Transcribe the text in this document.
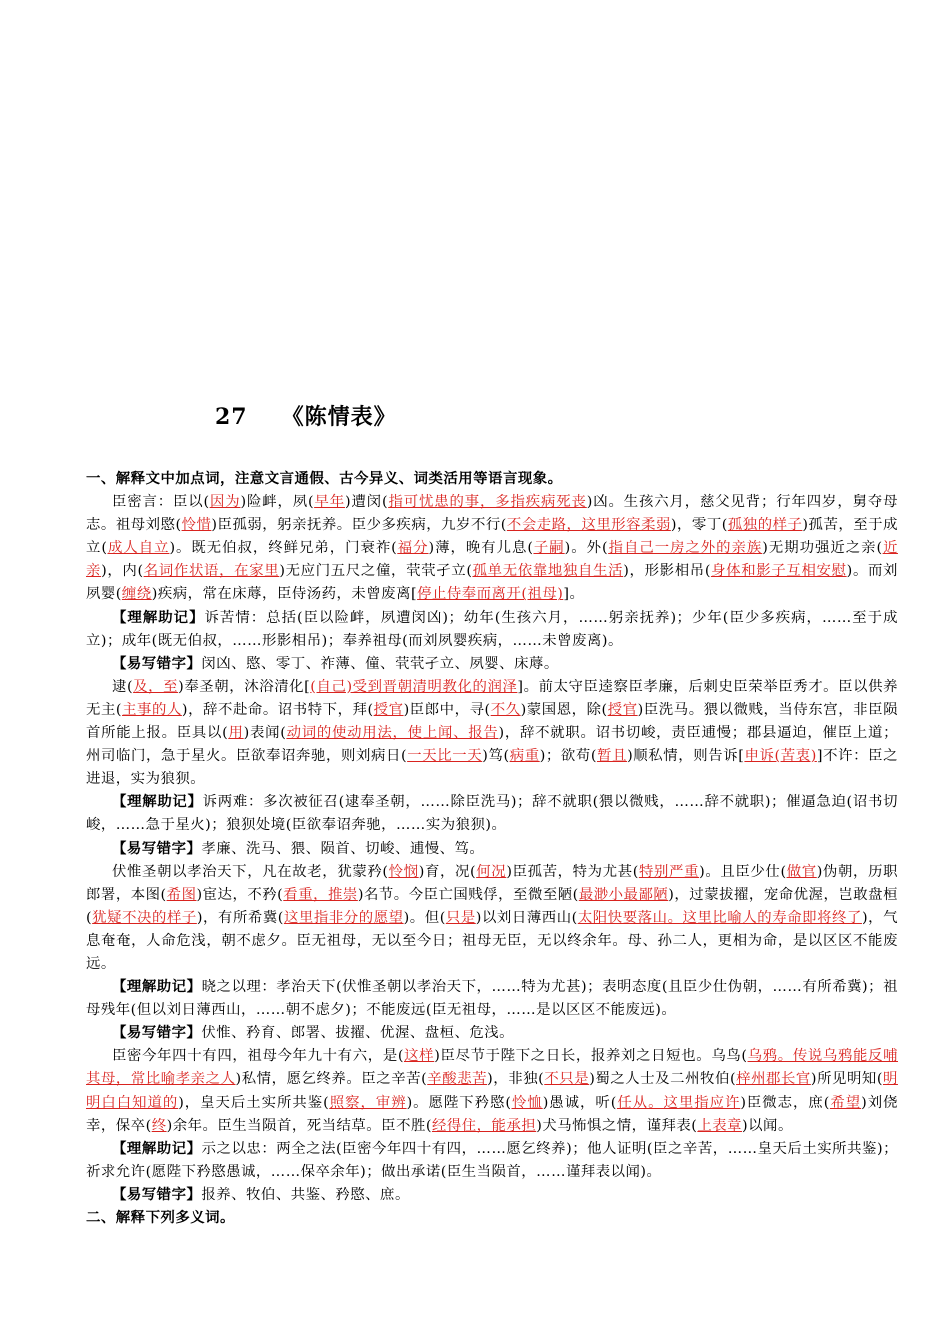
27 《陈情表》

一、解释文中加点词，注意文言通假、古今异义、词类活用等语言现象。

臣密言：臣以(因为)险衅，夙(早年)遭闵(指可忧患的事，多指疾病死丧)凶。生孩六月，慈父见背；行年四岁，舅夺母志。祖母刘愍(怜惜)臣孤弱，躬亲抚养。臣少多疾病，九岁不行(不会走路，这里形容柔弱)，零丁(孤独的样子)孤苦，至于成立(成人自立)。既无伯叔，终鲜兄弟，门衰祚(福分)薄，晚有儿息(子嗣)。外(指自己一房之外的亲族)无期功强近之亲(近亲)，内(名词作状语，在家里)无应门五尺之僮，茕茕孑立(孤单无依靠地独自生活)，形影相吊(身体和影子互相安慰)。而刘夙婴(缠绕)疾病，常在床蓐，臣侍汤药，未曾废离[停止侍奉而离开(祖母)]。

【理解助记】诉苦情：总括(臣以险衅，夙遭闵凶)；幼年(生孩六月，……躬亲抚养)；少年(臣少多疾病，……至于成立)；成年(既无伯叔，……形影相吊)；奉养祖母(而刘夙婴疾病，……未曾废离)。

【易写错字】闵凶、愍、零丁、祚薄、僮、茕茕孑立、夙婴、床蓐。

逮(及，至)奉圣朝，沐浴清化[(自己)受到晋朝清明教化的润泽]。前太守臣逵察臣孝廉，后刺史臣荣举臣秀才。臣以供养无主(主事的人)，辞不赴命。诏书特下，拜(授官)臣郎中，寻(不久)蒙国恩，除(授官)臣洗马。猥以微贱，当侍东宫，非臣陨首所能上报。臣具以(用)表闻(动词的使动用法，使上闻、报告)，辞不就职。诏书切峻，责臣逋慢；郡县逼迫，催臣上道；州司临门，急于星火。臣欲奉诏奔驰，则刘病日(一天比一天)笃(病重)；欲苟(暂且)顺私情，则告诉[申诉(苦衷)]不许：臣之进退，实为狼狈。

【理解助记】诉两难：多次被征召(逮奉圣朝，……除臣洗马)；辞不就职(猥以微贱，……辞不就职)；催逼急迫(诏书切峻，……急于星火)；狼狈处境(臣欲奉诏奔驰，……实为狼狈)。

【易写错字】孝廉、洗马、猥、陨首、切峻、逋慢、笃。

伏惟圣朝以孝治天下，凡在故老，犹蒙矜(怜悯)育，况(何况)臣孤苦，特为尤甚(特别严重)。且臣少仕(做官)伪朝，历职郎署，本图(希图)宦达，不矜(看重，推崇)名节。今臣亡国贱俘，至微至陋(最渺小最鄙陋)，过蒙拔擢，宠命优渥，岂敢盘桓(犹疑不决的样子)，有所希冀(这里指非分的愿望)。但(只是)以刘日薄西山(太阳快要落山。这里比喻人的寿命即将终了)，气息奄奄，人命危浅，朝不虑夕。臣无祖母，无以至今日；祖母无臣，无以终余年。母、孙二人，更相为命，是以区区不能废远。

【理解助记】晓之以理：孝治天下(伏惟圣朝以孝治天下，……特为尤甚)；表明态度(且臣少仕伪朝，……有所希冀)；祖母残年(但以刘日薄西山，……朝不虑夕)；不能废远(臣无祖母，……是以区区不能废远)。

【易写错字】伏惟、矜育、郎署、拔擢、优渥、盘桓、危浅。

臣密今年四十有四，祖母今年九十有六，是(这样)臣尽节于陛下之日长，报养刘之日短也。乌鸟(乌鸦。传说乌鸦能反哺其母，常比喻孝亲之人)私情，愿乞终养。臣之辛苦(辛酸悲苦)，非独(不只是)蜀之人士及二州牧伯(梓州郡长官)所见明知(明明白白知道的)，皇天后土实所共鉴(照察，审辨)。愿陛下矜愍(怜恤)愚诚，听(任从。这里指应许)臣微志，庶(希望)刘侥幸，保卒(终)余年。臣生当陨首，死当结草。臣不胜(经得住，能承担)犬马怖惧之情，谨拜表(上表章)以闻。

【理解助记】示之以忠：两全之法(臣密今年四十有四，……愿乞终养)；他人证明(臣之辛苦，……皇天后土实所共鉴)；祈求允许(愿陛下矜愍愚诚，……保卒余年)；做出承诺(臣生当陨首，……谨拜表以闻)。

【易写错字】报养、牧伯、共鉴、矜愍、庶。

二、解释下列多义词。
